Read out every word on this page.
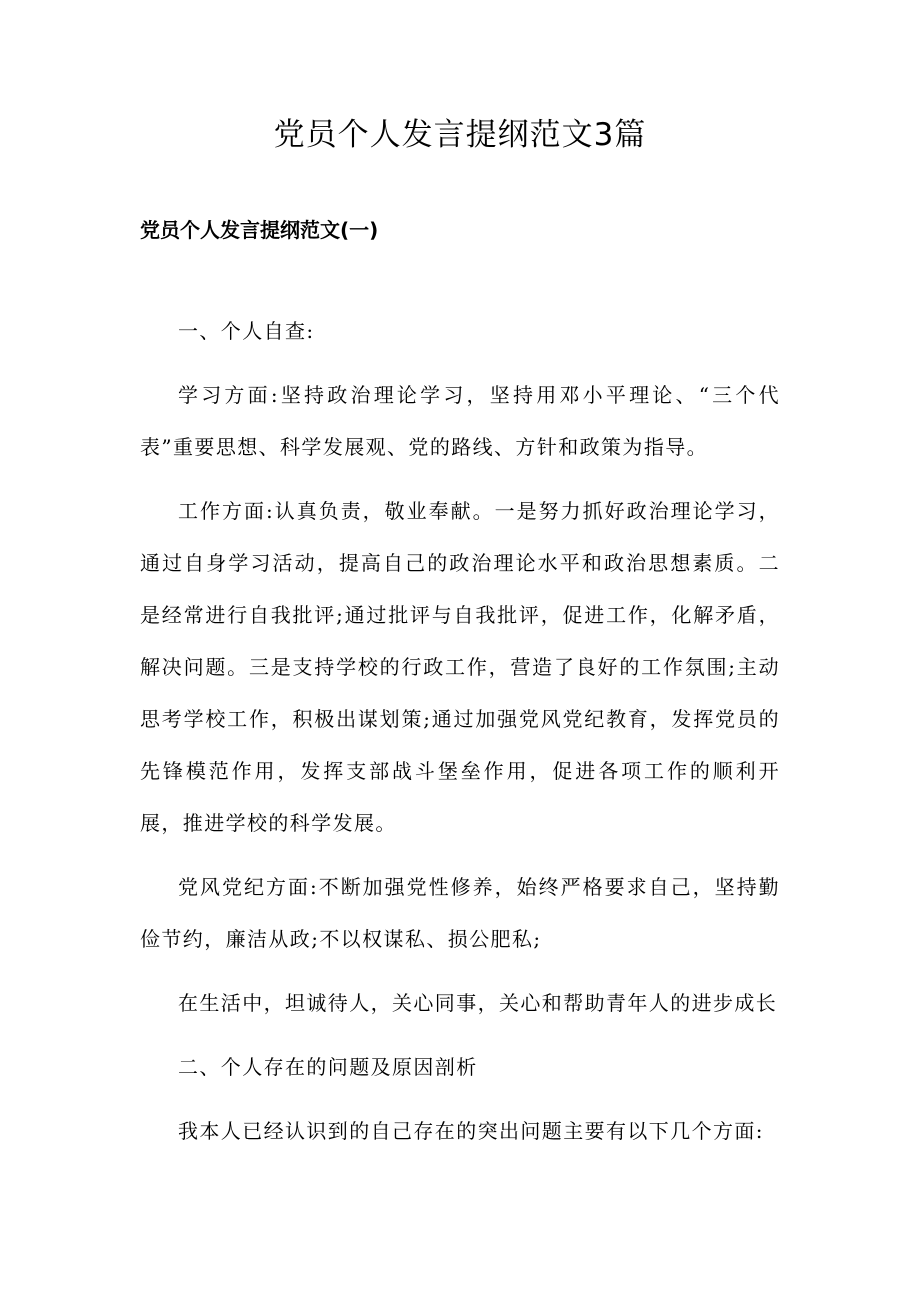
党员个人发言提纲范文3篇
党员个人发言提纲范文(一)

一、个人自查:

学习方面:坚持政治理论学习，坚持用邓小平理论、“三个代表”重要思想、科学发展观、党的路线、方针和政策为指导。

工作方面:认真负责，敬业奉献。一是努力抓好政治理论学习，通过自身学习活动，提高自己的政治理论水平和政治思想素质。二是经常进行自我批评;通过批评与自我批评，促进工作，化解矛盾，解决问题。三是支持学校的行政工作，营造了良好的工作氛围;主动思考学校工作，积极出谋划策;通过加强党风党纪教育，发挥党员的先锋模范作用，发挥支部战斗堡垒作用，促进各项工作的顺利开展，推进学校的科学发展。

党风党纪方面:不断加强党性修养，始终严格要求自己，坚持勤俭节约，廉洁从政;不以权谋私、损公肥私;

在生活中，坦诚待人，关心同事，关心和帮助青年人的进步成长

二、个人存在的问题及原因剖析

我本人已经认识到的自己存在的突出问题主要有以下几个方面:
